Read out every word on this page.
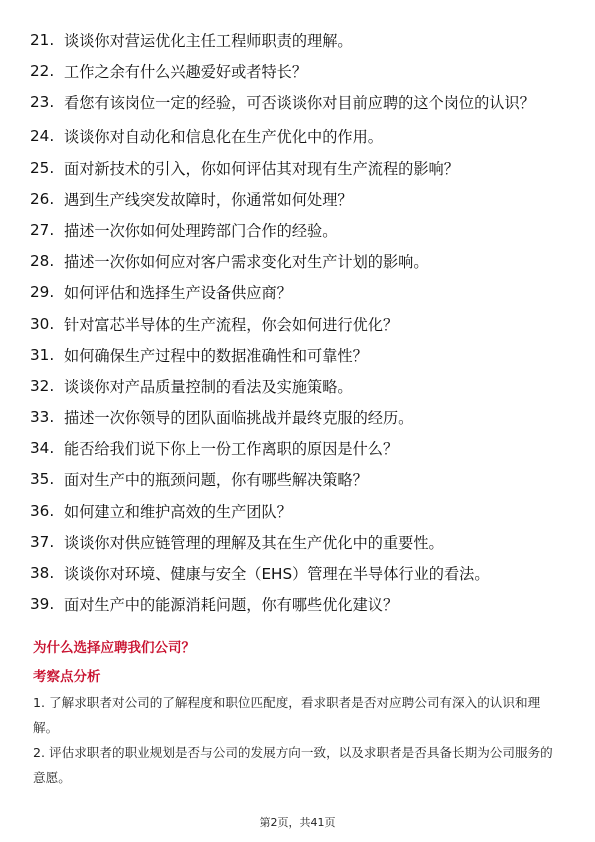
21. 谈谈你对营运优化主任工程师职责的理解。
22. 工作之余有什么兴趣爱好或者特长？
23. 看您有该岗位一定的经验，可否谈谈你对目前应聘的这个岗位的认识？
24. 谈谈你对自动化和信息化在生产优化中的作用。
25. 面对新技术的引入，你如何评估其对现有生产流程的影响？
26. 遇到生产线突发故障时，你通常如何处理？
27. 描述一次你如何处理跨部门合作的经验。
28. 描述一次你如何应对客户需求变化对生产计划的影响。
29. 如何评估和选择生产设备供应商？
30. 针对富芯半导体的生产流程，你会如何进行优化？
31. 如何确保生产过程中的数据准确性和可靠性？
32. 谈谈你对产品质量控制的看法及实施策略。
33. 描述一次你领导的团队面临挑战并最终克服的经历。
34. 能否给我们说下你上一份工作离职的原因是什么？
35. 面对生产中的瓶颈问题，你有哪些解决策略？
36. 如何建立和维护高效的生产团队？
37. 谈谈你对供应链管理的理解及其在生产优化中的重要性。
38. 谈谈你对环境、健康与安全（EHS）管理在半导体行业的看法。
39. 面对生产中的能源消耗问题，你有哪些优化建议？
为什么选择应聘我们公司？
考察点分析
1. 了解求职者对公司的了解程度和职位匹配度，看求职者是否对应聘公司有深入的认识和理解。
2. 评估求职者的职业规划是否与公司的发展方向一致，以及求职者是否具备长期为公司服务的意愿。
第2页，共41页
